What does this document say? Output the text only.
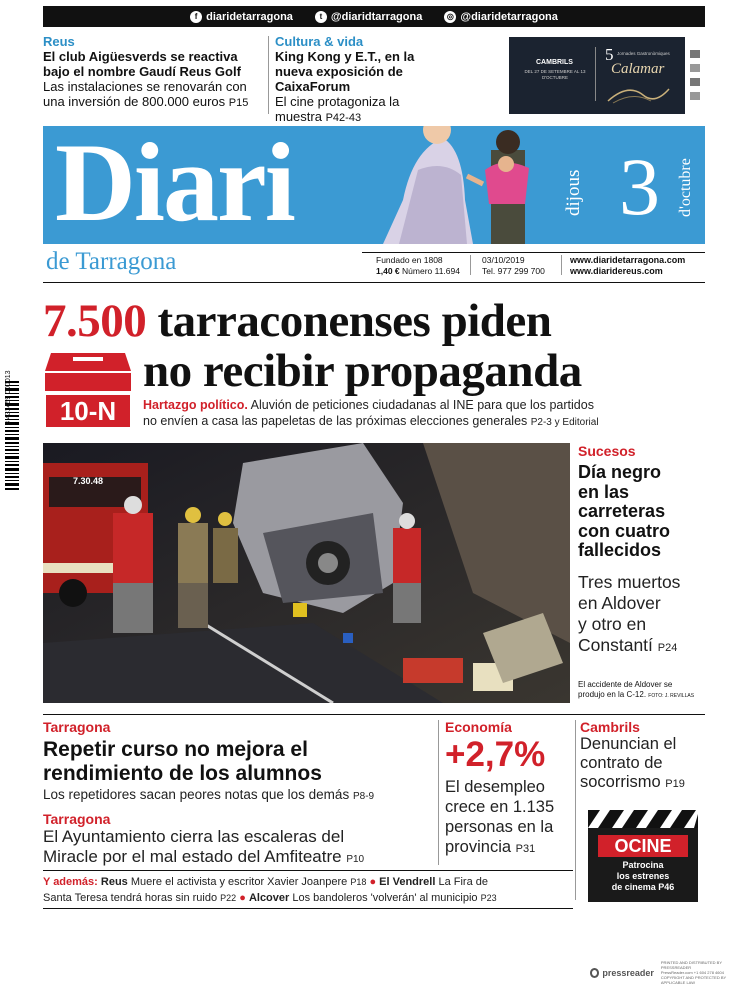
f diaridetarragona	t @diaridtarragona	◎ @diaridetarragona
Reus
El club Aigüesverds se reactiva bajo el nombre Gaudí Reus Golf
Las instalaciones se renovarán con una inversión de 800.000 euros P15
Cultura & vida
King Kong y E.T., en la nueva exposición de CaixaForum
El cine protagoniza la muestra P42-43
CAMBRILS
DEL 27 DE SETEMBRE AL 13 D'OCTUBRE
5 Jornades Gastronòmiques
Calamar
Diari	dijous 3 d'octubre
de Tarragona	Fundado en 1808
1,40 € Número 11.694
03/10/2019
Tel. 977 299 700
www.diaridetarragona.com
www.diaridereus.com
7.500 tarraconenses piden
no recibir propaganda
10-N	Hartazgo político. Aluvión de peticiones ciudadanas al INE para que los partidos
no envíen a casa las papeletas de las próximas elecciones generales P2-3 y Editorial
8 431459 000013
7.30.48
Sucesos
Día negro
en las
carreteras
con cuatro
fallecidos
Tres muertos
en Aldover
y otro en
Constantí P24
El accidente de Aldover se
produjo en la C-12. FOTO: J. REVILLAS
Tarragona
Repetir curso no mejora el
rendimiento de los alumnos
Los repetidores sacan peores notas que los demás P8-9
Tarragona
El Ayuntamiento cierra las escaleras del
Miracle por el mal estado del Amfiteatre P10
Economía
+2,7%
El desempleo
crece en 1.135
personas en la
provincia P31
Cambrils
Denuncian el
contrato de
socorrismo P19
OCINE
Patrocina
los estrenes
de cinema P46
Y además: Reus Muere el activista y escritor Xavier Joanpere P18 ● El Vendrell La Fira de
Santa Teresa tendrá horas sin ruido P22 ● Alcover Los bandoleros 'volverán' al municipio P23
pressreader
PRINTED AND DISTRIBUTED BY PRESSREADER
PressReader.com +1 604 278 4604
COPYRIGHT AND PROTECTED BY APPLICABLE LAW
